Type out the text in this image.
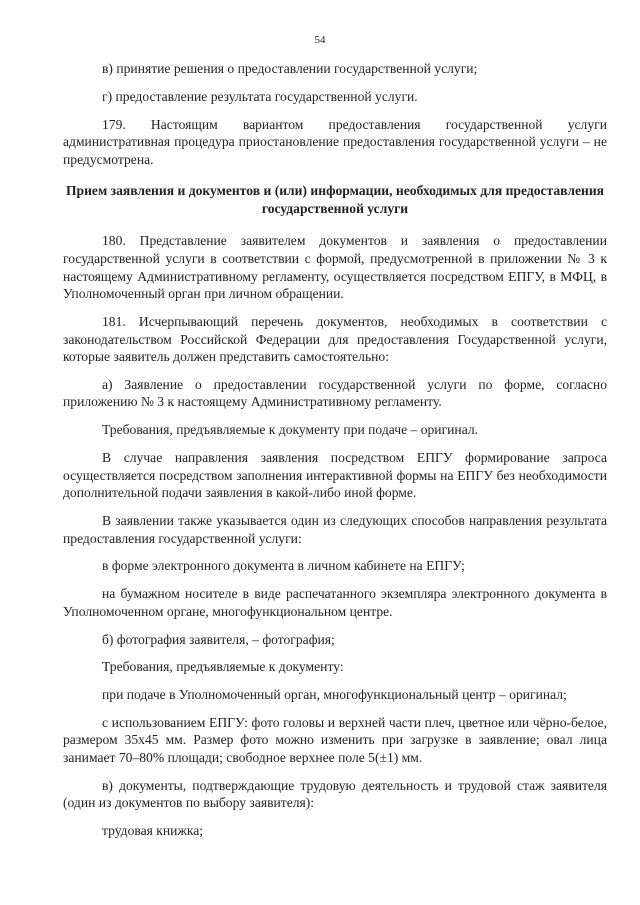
54

в) принятие решения о предоставлении государственной услуги;

г) предоставление результата государственной услуги.

179. Настоящим вариантом предоставления государственной услуги административная процедура приостановление предоставления государственной услуги – не предусмотрена.

Прием заявления и документов и (или) информации, необходимых для предоставления государственной услуги

180. Представление заявителем документов и заявления о предоставлении государственной услуги в соответствии с формой, предусмотренной в приложении № 3 к настоящему Административному регламенту, осуществляется посредством ЕПГУ, в МФЦ, в Уполномоченный орган при личном обращении.

181. Исчерпывающий перечень документов, необходимых в соответствии с законодательством Российской Федерации для предоставления Государственной услуги, которые заявитель должен представить самостоятельно:

а) Заявление о предоставлении государственной услуги по форме, согласно приложению № 3 к настоящему Административному регламенту.

Требования, предъявляемые к документу при подаче – оригинал.

В случае направления заявления посредством ЕПГУ формирование запроса осуществляется посредством заполнения интерактивной формы на ЕПГУ без необходимости дополнительной подачи заявления в какой-либо иной форме.

В заявлении также указывается один из следующих способов направления результата предоставления государственной услуги:

в форме электронного документа в личном кабинете на ЕПГУ;

на бумажном носителе в виде распечатанного экземпляра электронного документа в Уполномоченном органе, многофункциональном центре.

б) фотография заявителя, – фотография;

Требования, предъявляемые к документу:

при подаче в Уполномоченный орган, многофункциональный центр – оригинал;

с использованием ЕПГУ: фото головы и верхней части плеч, цветное или чёрно-белое, размером 35x45 мм. Размер фото можно изменить при загрузке в заявление; овал лица занимает 70–80% площади; свободное верхнее поле 5(±1) мм.

в) документы, подтверждающие трудовую деятельность и трудовой стаж заявителя (один из документов по выбору заявителя):

трудовая книжка;
